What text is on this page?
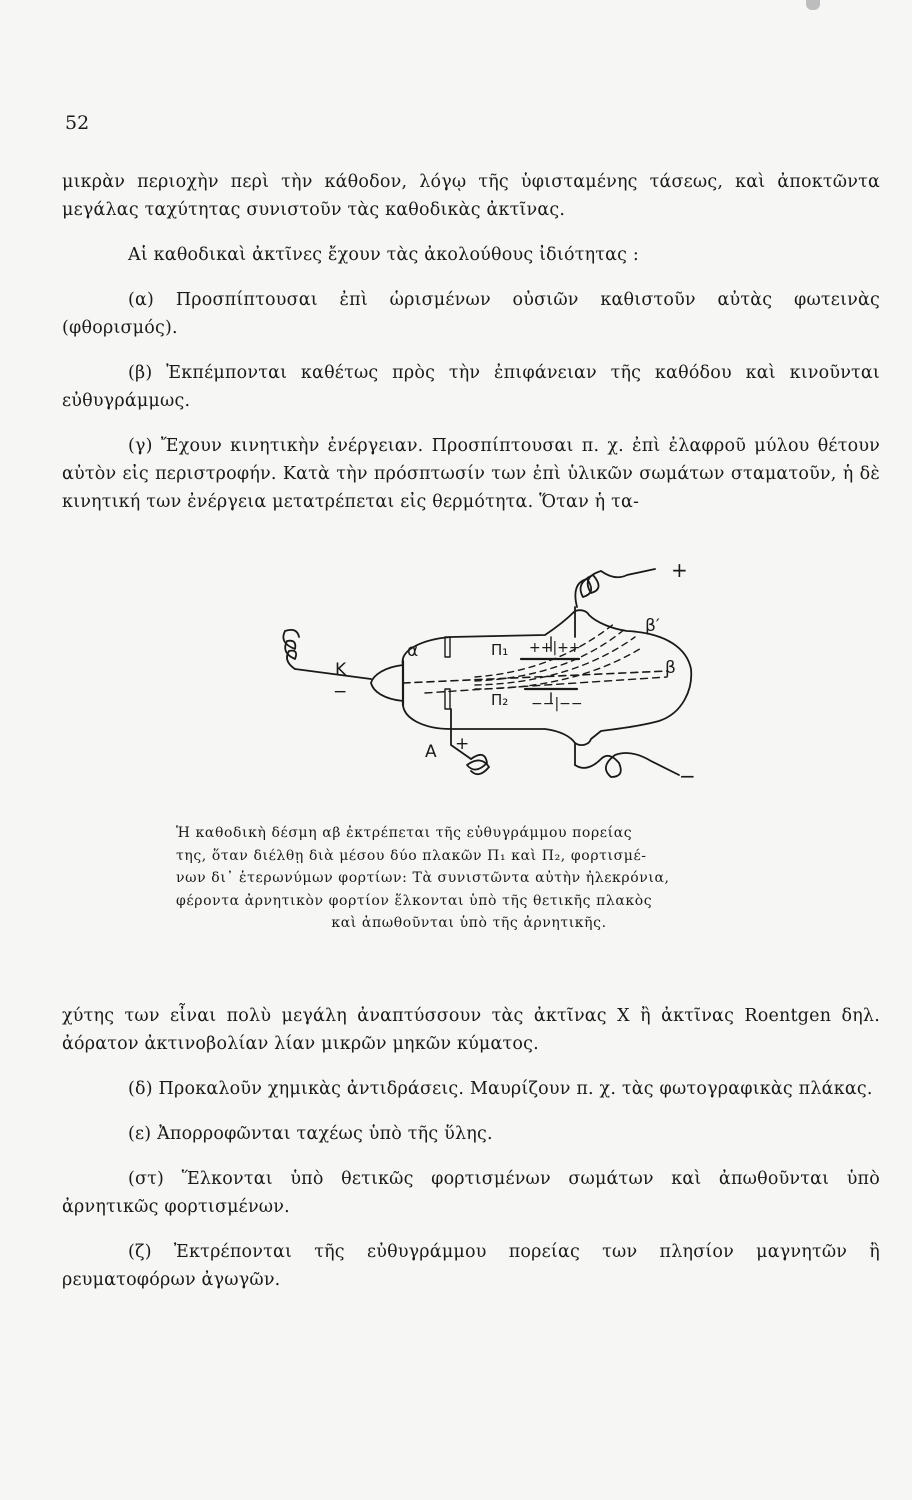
52

μικρὰν περιοχὴν περὶ τὴν κάθοδον, λόγῳ τῆς ὑφισταμένης τάσεως, καὶ ἀποκτῶντα μεγάλας ταχύτητας συνιστοῦν τὰς καθοδικὰς ἀκτῖνας.

Αἱ καθοδικαὶ ἀκτῖνες ἔχουν τὰς ἀκολούθους ἰδιότητας :

(α) Προσπίπτουσαι ἐπὶ ὡρισμένων οὐσιῶν καθιστοῦν αὐτὰς φωτεινὰς (φθορισμός).

(β) Ἐκπέμπονται καθέτως πρὸς τὴν ἐπιφάνειαν τῆς καθόδου καὶ κινοῦνται εὐθυγράμμως.

(γ) Ἔχουν κινητικὴν ἐνέργειαν. Προσπίπτουσαι π. χ. ἐπὶ ἐλαφροῦ μύλου θέτουν αὐτὸν εἰς περιστροφήν. Κατὰ τὴν πρόσπτωσίν των ἐπὶ ὑλικῶν σωμάτων σταματοῦν, ἡ δὲ κινητική των ἐνέργεια μετατρέπεται εἰς θερμότητα. Ὅταν ἡ τα-

K
−
α	Π₁ ++|++
Π₂ −−|−−
β
β′
+
−
A +
Ἡ καθοδικὴ δέσμη αβ ἐκτρέπεται τῆς εὐθυγράμμου πορείας
της, ὅταν διέλθῃ διὰ μέσου δύο πλακῶν Π₁ καὶ Π₂, φορτισμέ-
νων δι᾽ ἑτερωνύμων φορτίων: Τὰ συνιστῶντα αὐτὴν ἠλεκρόνια,
φέροντα ἀρνητικὸν φορτίον ἕλκονται ὑπὸ τῆς θετικῆς πλακὸς
καὶ ἀπωθοῦνται ὑπὸ τῆς ἀρνητικῆς.

χύτης των εἶναι πολὺ μεγάλη ἀναπτύσσουν τὰς ἀκτῖνας X ἢ ἀκτῖνας Roentgen δηλ. ἀόρατον ἀκτινοβολίαν λίαν μικρῶν μηκῶν κύματος.

(δ) Προκαλοῦν χημικὰς ἀντιδράσεις. Μαυρίζουν π. χ. τὰς φωτογραφικὰς πλάκας.

(ε) Ἀπορροφῶνται ταχέως ὑπὸ τῆς ὕλης.

(στ) Ἕλκονται ὑπὸ θετικῶς φορτισμένων σωμάτων καὶ ἀπωθοῦνται ὑπὸ ἀρνητικῶς φορτισμένων.

(ζ) Ἐκτρέπονται τῆς εὐθυγράμμου πορείας των πλησίον μαγνητῶν ἢ ρευματοφόρων ἀγωγῶν.
